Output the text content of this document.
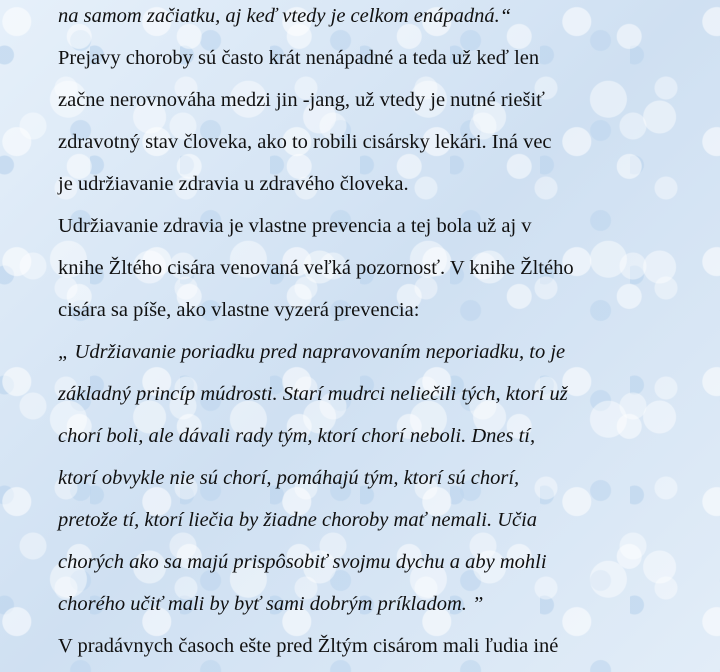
na samom začiatku, aj keď vtedy je celkom enápadná.“
Prejavy choroby sú často krát nenápadné a teda už keď len
začne nerovnováha medzi jin -jang, už vtedy je nutné riešiť
zdravotný stav človeka, ako to robili cisársky lekári. Iná vec
je udržiavanie zdravia u zdravého človeka.
Udržiavanie zdravia je vlastne prevencia a tej bola už aj v
knihe Žltého cisára venovaná veľká pozornosť. V knihe Žltého
cisára sa píše, ako vlastne vyzerá prevencia:
„ Udržiavanie poriadku pred napravovaním neporiadku, to je
základný princíp múdrosti. Starí mudrci neliečili tých, ktorí už
chorí boli, ale dávali rady tým, ktorí chorí neboli. Dnes tí,
ktorí obvykle nie sú chorí, pomáhajú tým, ktorí sú chorí,
pretože tí, ktorí liečia by žiadne choroby mať nemali. Učia
chorých ako sa majú prispôsobiť svojmu dychu a aby mohli
chorého učiť mali by byť sami dobrým príkladom. ”
V pradávnych časoch ešte pred Žltým cisárom mali ľudia iné
